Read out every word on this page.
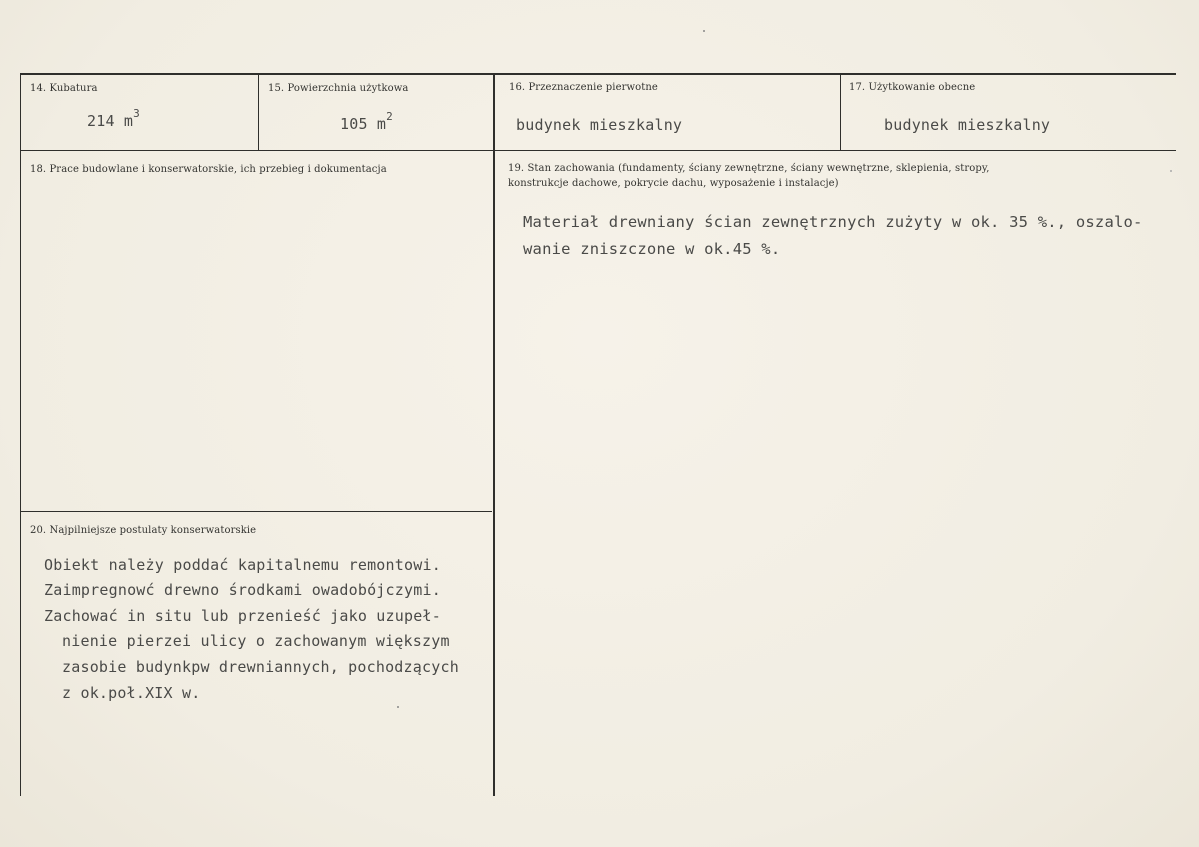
14. Kubatura
214 $m^3$
15. Powierzchnia użytkowa
105 $m^2$
16. Przeznaczenie pierwotne
budynek mieszkalny
17. Użytkowanie obecne
budynek mieszkalny
18. Prace budowlane i konserwatorskie, ich przebieg i dokumentacja	19. Stan zachowania (fundamenty, ściany zewnętrzne, ściany wewnętrzne, sklepienia, stropy,
konstrukcje dachowe, pokrycie dachu, wyposażenie i instalacje)
Materiał drewniany ścian zewnętrznych zużyty w ok. 35 %., oszalo-
wanie zniszczone w ok.45 %.
20. Najpilniejsze postulaty konserwatorskie
Obiekt należy poddać kapitalnemu remontowi.
Zaimpregnowć drewno środkami owadobójczymi.
Zachować in situ lub przenieść jako uzupeł-
nienie pierzei ulicy o zachowanym większym
zasobie budynkpw drewniannych, pochodzących
z ok.poł.XIX w.
